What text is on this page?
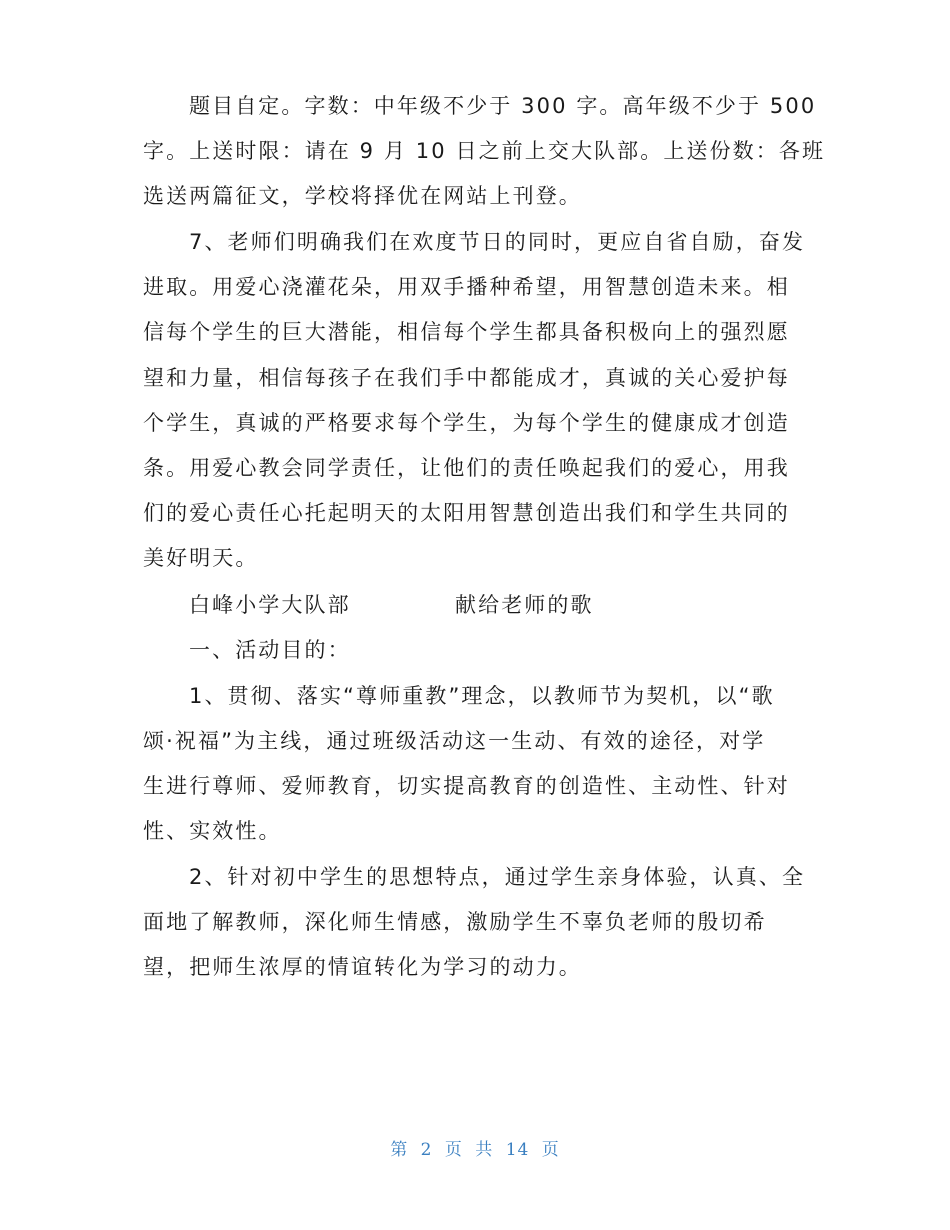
题目自定。字数：中年级不少于 300 字。高年级不少于 500
字。上送时限：请在 9 月 10 日之前上交大队部。上送份数：各班
选送两篇征文，学校将择优在网站上刊登。
7、老师们明确我们在欢度节日的同时，更应自省自励，奋发
进取。用爱心浇灌花朵，用双手播种希望，用智慧创造未来。相
信每个学生的巨大潜能，相信每个学生都具备积极向上的强烈愿
望和力量，相信每孩子在我们手中都能成才，真诚的关心爱护每
个学生，真诚的严格要求每个学生，为每个学生的健康成才创造
条。用爱心教会同学责任，让他们的责任唤起我们的爱心，用我
们的爱心责任心托起明天的太阳用智慧创造出我们和学生共同的
美好明天。
白峰小学大队部	献给老师的歌
一、活动目的：
1、贯彻、落实“尊师重教”理念，以教师节为契机，以“歌
颂·祝福”为主线，通过班级活动这一生动、有效的途径，对学
生进行尊师、爱师教育，切实提高教育的创造性、主动性、针对
性、实效性。
2、针对初中学生的思想特点，通过学生亲身体验，认真、全
面地了解教师，深化师生情感，激励学生不辜负老师的殷切希
望，把师生浓厚的情谊转化为学习的动力。
第 2 页 共 14 页
